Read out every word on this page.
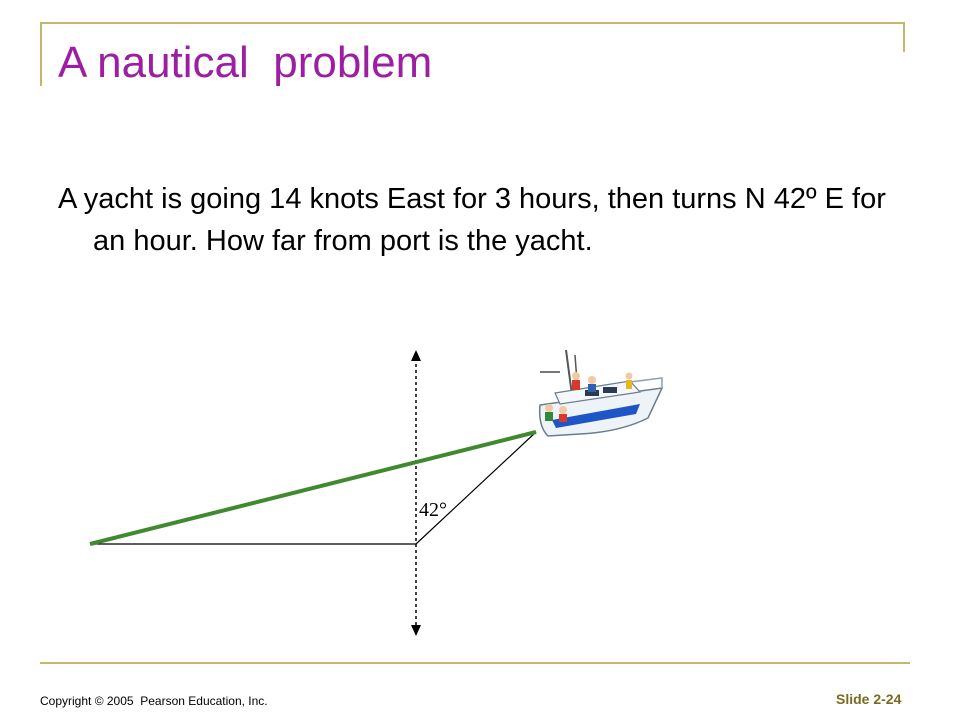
A nautical  problem
A yacht is going 14 knots East for 3 hours, then turns N 42º E for an hour. How far from port is the yacht.
42°
Copyright © 2005  Pearson Education, Inc.	Slide 2-24
